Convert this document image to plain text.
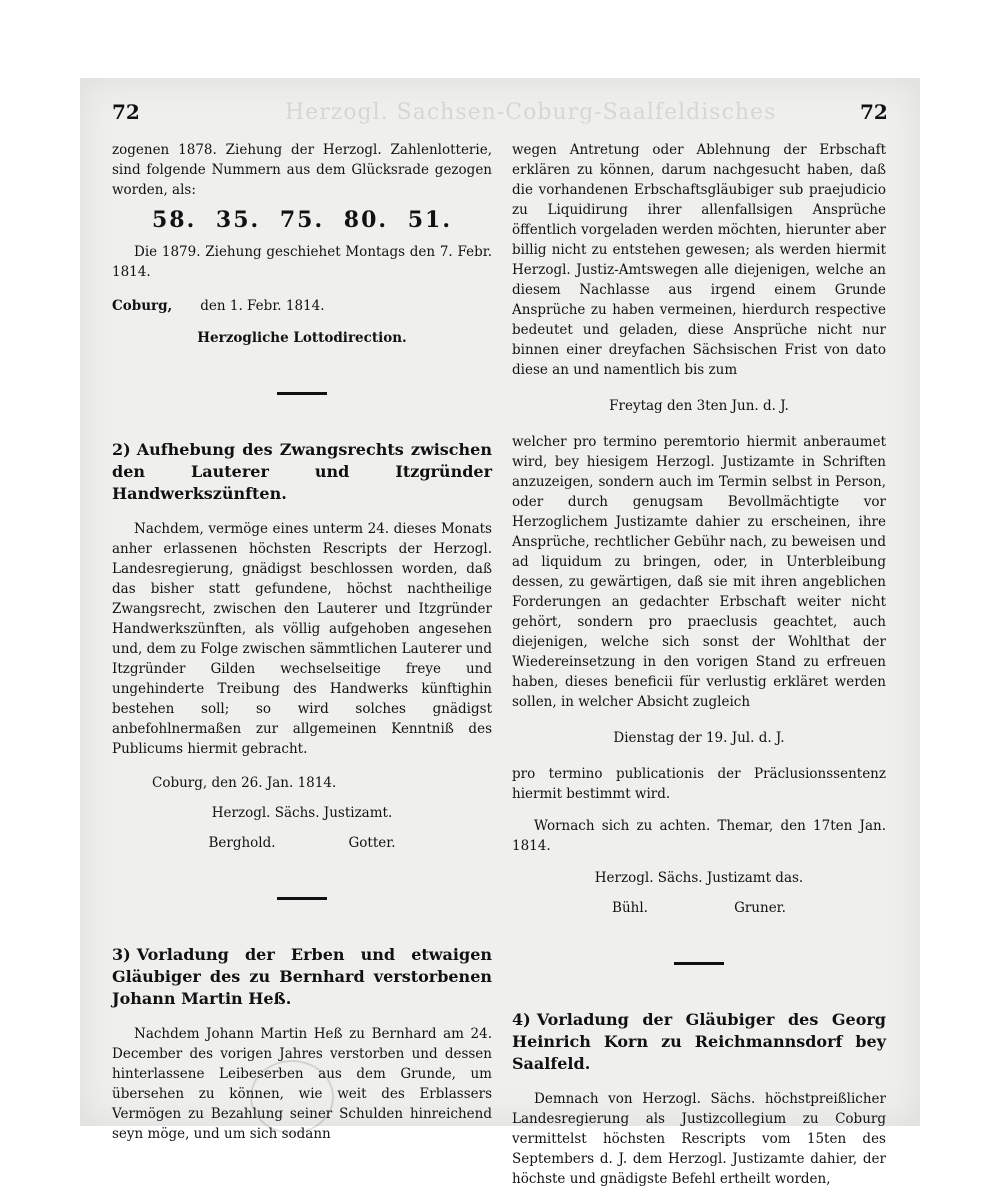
Herzogl. Sachsen-Coburg-Saalfeldisches
72	72

zogenen 1878. Ziehung der Herzogl. Zahlenlotterie, sind folgende Nummern aus dem Glücksrade gezogen worden, als:

58. 35. 75. 80. 51.

Die 1879. Ziehung geschiehet Montags den 7. Febr. 1814.

Coburg, den 1. Febr. 1814.

Herzogliche Lottodirection.

2) Aufhebung des Zwangsrechts zwischen den Lauterer und Itzgründer Handwerkszünften.

Nachdem, vermöge eines unterm 24. dieses Monats anher erlassenen höchsten Rescripts der Herzogl. Landesregierung, gnädigst beschlossen worden, daß das bisher statt gefundene, höchst nachtheilige Zwangsrecht, zwischen den Lauterer und Itzgründer Handwerkszünften, als völlig aufgehoben angesehen und, dem zu Folge zwischen sämmtlichen Lauterer und Itzgründer Gilden wechselseitige freye und ungehinderte Treibung des Handwerks künftighin bestehen soll; so wird solches gnädigst anbefohlnermaßen zur allgemeinen Kenntniß des Publicums hiermit gebracht.

Coburg, den 26. Jan. 1814.

Herzogl. Sächs. Justizamt.

Berghold.	Gotter.

3) Vorladung der Erben und etwaigen Gläubiger des zu Bernhard verstorbenen Johann Martin Heß.

Nachdem Johann Martin Heß zu Bernhard am 24. December des vorigen Jahres verstorben und dessen hinterlassene Leibeserben aus dem Grunde, um übersehen zu können, wie weit des Erblassers Vermögen zu Bezahlung seiner Schulden hinreichend seyn möge, und um sich sodann

wegen Antretung oder Ablehnung der Erbschaft erklären zu können, darum nachgesucht haben, daß die vorhandenen Erbschaftsgläubiger sub praejudicio zu Liquidirung ihrer allenfallsigen Ansprüche öffentlich vorgeladen werden möchten, hierunter aber billig nicht zu entstehen gewesen; als werden hiermit Herzogl. Justiz-Amtswegen alle diejenigen, welche an diesem Nachlasse aus irgend einem Grunde Ansprüche zu haben vermeinen, hierdurch respective bedeutet und geladen, diese Ansprüche nicht nur binnen einer dreyfachen Sächsischen Frist von dato diese an und namentlich bis zum

Freytag den 3ten Jun. d. J.

welcher pro termino peremtorio hiermit anberaumet wird, bey hiesigem Herzogl. Justizamte in Schriften anzuzeigen, sondern auch im Termin selbst in Person, oder durch genugsam Bevollmächtigte vor Herzoglichem Justizamte dahier zu erscheinen, ihre Ansprüche, rechtlicher Gebühr nach, zu beweisen und ad liquidum zu bringen, oder, in Unterbleibung dessen, zu gewärtigen, daß sie mit ihren angeblichen Forderungen an gedachter Erbschaft weiter nicht gehört, sondern pro praeclusis geachtet, auch diejenigen, welche sich sonst der Wohlthat der Wiedereinsetzung in den vorigen Stand zu erfreuen haben, dieses beneficii für verlustig erkläret werden sollen, in welcher Absicht zugleich

Dienstag der 19. Jul. d. J.

pro termino publicationis der Präclusionssentenz hiermit bestimmt wird.

Wornach sich zu achten. Themar, den 17ten Jan. 1814.

Herzogl. Sächs. Justizamt das.

Bühl.	Gruner.

4) Vorladung der Gläubiger des Georg Heinrich Korn zu Reichmannsdorf bey Saalfeld.

Demnach von Herzogl. Sächs. höchstpreißlicher Landesregierung als Justizcollegium zu Coburg vermittelst höchsten Rescripts vom 15ten des Septembers d. J. dem Herzogl. Justizamte dahier, der höchste und gnädigste Befehl ertheilt worden,
